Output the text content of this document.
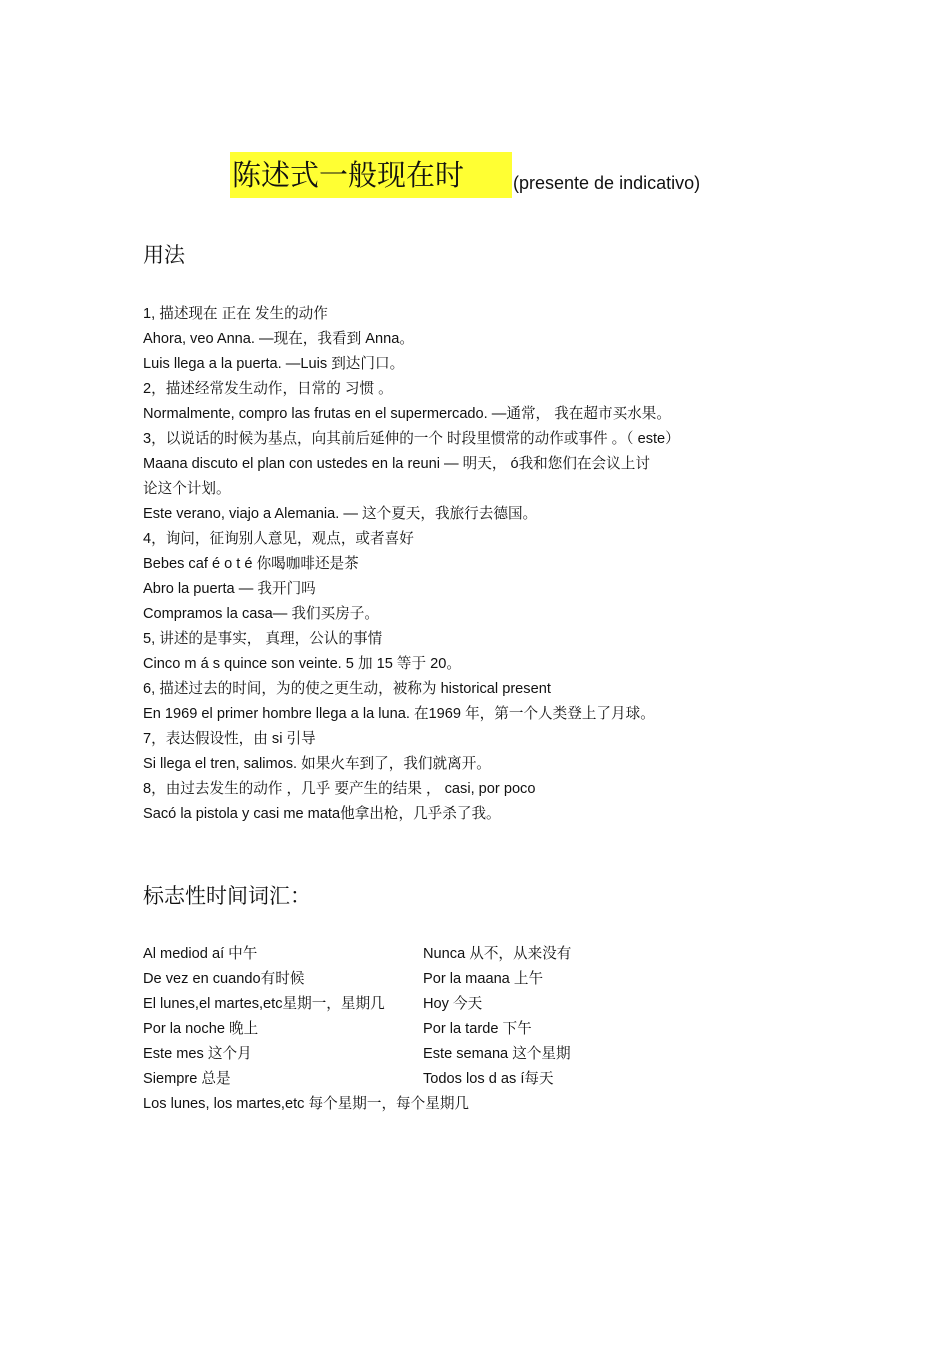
陈述式一般现在时	(presente de indicativo)
用法
1, 描述现在 正在 发生的动作
Ahora, veo Anna. —现在，我看到 Anna。
Luis llega a la puerta. —Luis 到达门口。
2，描述经常发生动作，日常的 习惯 。
Normalmente, compro las frutas en el supermercado. —通常， 我在超市买水果。
3，以说话的时候为基点，向其前后延伸的一个 时段里惯常的动作或事件 。（ este）
Maana discuto el plan con ustedes en la reuni — 明天， ó我和您们在会议上讨
论这个计划。
Este verano, viajo a Alemania. — 这个夏天，我旅行去德国。
4，询问，征询别人意见，观点，或者喜好
Bebes caf é o t é 你喝咖啡还是茶
Abro la puerta — 我开门吗
Compramos la casa— 我们买房子。
5, 讲述的是事实， 真理，公认的事情
Cinco m á s quince son veinte. 5 加 15 等于 20。
6, 描述过去的时间，为的使之更生动，被称为 historical present
En 1969 el primer hombre llega a la luna. 在1969 年，第一个人类登上了月球。
7，表达假设性，由 si 引导
Si llega el tren, salimos. 如果火车到了，我们就离开。
8，由过去发生的动作 ，几乎 要产生的结果 ， casi, por poco
Sacó la pistola y casi me mata他拿出枪，几乎杀了我。
标志性时间词汇：
Al mediod aí 中午	Nunca 从不，从来没有
De vez en cuando有时候	Por la maana 上午
El lunes,el martes,etc星期一，星期几	Hoy 今天
Por la noche 晚上	Por la tarde 下午
Este mes 这个月	Este semana 这个星期
Siempre 总是	Todos los d as í每天
Los lunes, los martes,etc 每个星期一，每个星期几
